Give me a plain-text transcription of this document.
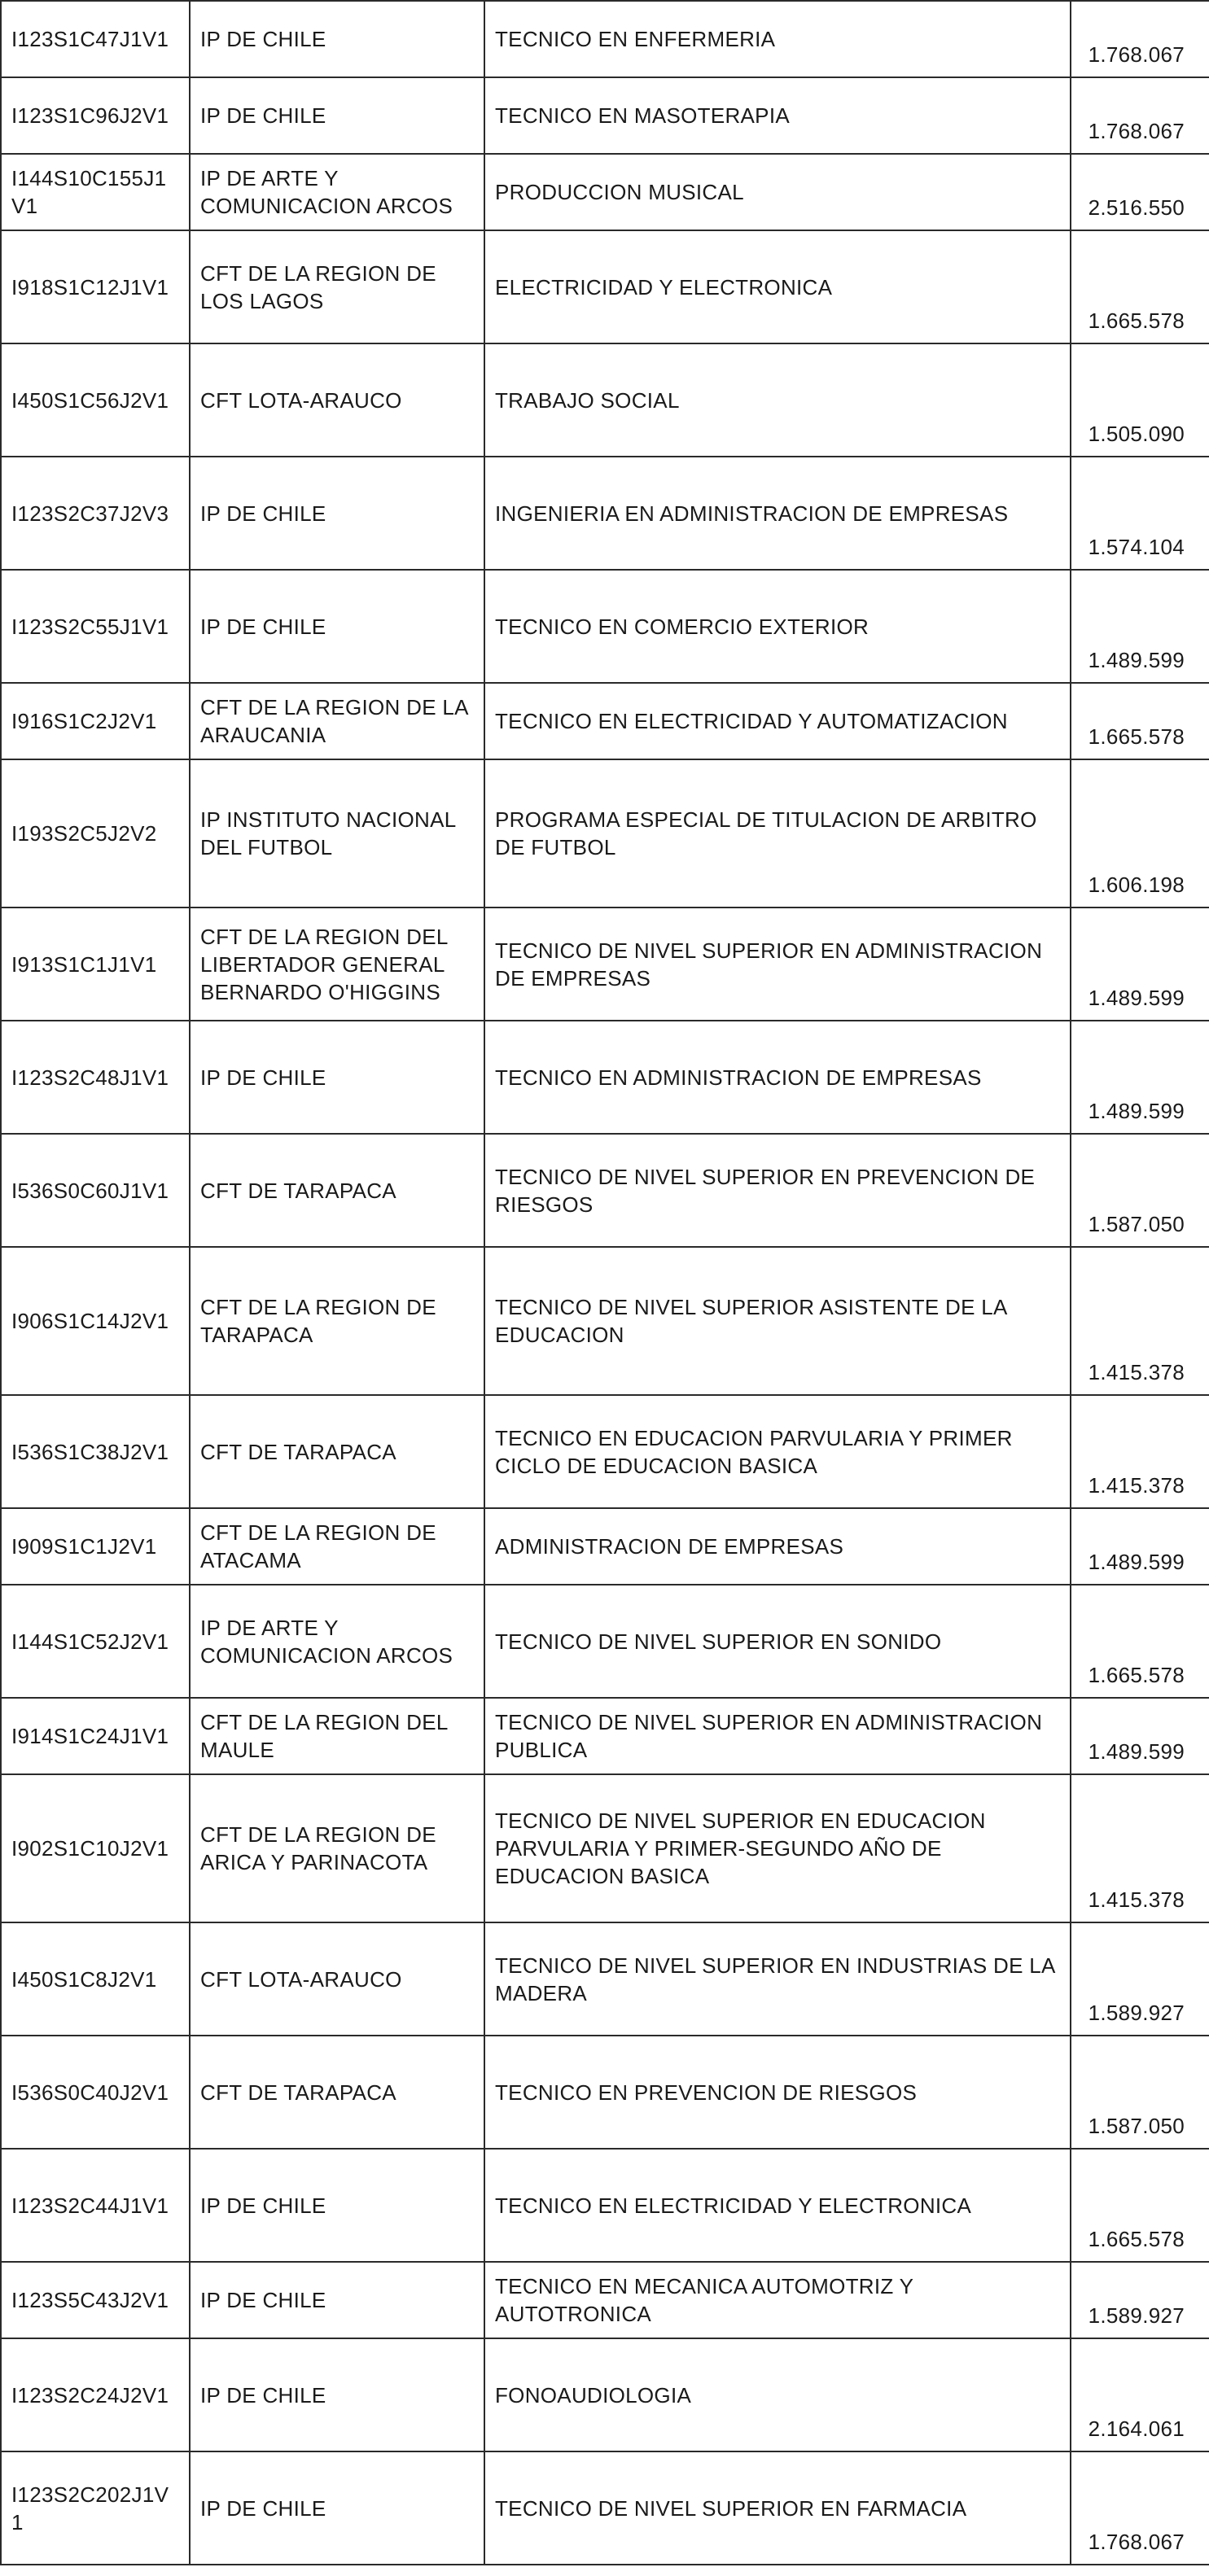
I123S1C47J1V1	IP DE CHILE	TECNICO EN ENFERMERIA	1.768.067
I123S1C96J2V1	IP DE CHILE	TECNICO EN MASOTERAPIA	1.768.067
I144S10C155J1V1	IP DE ARTE Y COMUNICACION ARCOS	PRODUCCION MUSICAL	2.516.550
I918S1C12J1V1	CFT DE LA REGION DE LOS LAGOS	ELECTRICIDAD Y ELECTRONICA	1.665.578
I450S1C56J2V1	CFT LOTA-ARAUCO	TRABAJO SOCIAL	1.505.090
I123S2C37J2V3	IP DE CHILE	INGENIERIA EN ADMINISTRACION DE EMPRESAS	1.574.104
I123S2C55J1V1	IP DE CHILE	TECNICO EN COMERCIO EXTERIOR	1.489.599
I916S1C2J2V1	CFT DE LA REGION DE LA ARAUCANIA	TECNICO EN ELECTRICIDAD Y AUTOMATIZACION	1.665.578
I193S2C5J2V2	IP INSTITUTO NACIONAL DEL FUTBOL	PROGRAMA ESPECIAL DE TITULACION DE ARBITRO DE FUTBOL	1.606.198
I913S1C1J1V1	CFT DE LA REGION DEL LIBERTADOR GENERAL BERNARDO O'HIGGINS	TECNICO DE NIVEL SUPERIOR EN ADMINISTRACION DE EMPRESAS	1.489.599
I123S2C48J1V1	IP DE CHILE	TECNICO EN ADMINISTRACION DE EMPRESAS	1.489.599
I536S0C60J1V1	CFT DE TARAPACA	TECNICO DE NIVEL SUPERIOR EN PREVENCION DE RIESGOS	1.587.050
I906S1C14J2V1	CFT DE LA REGION DE TARAPACA	TECNICO DE NIVEL SUPERIOR ASISTENTE DE LA EDUCACION	1.415.378
I536S1C38J2V1	CFT DE TARAPACA	TECNICO EN EDUCACION PARVULARIA Y PRIMER CICLO DE EDUCACION BASICA	1.415.378
I909S1C1J2V1	CFT DE LA REGION DE ATACAMA	ADMINISTRACION DE EMPRESAS	1.489.599
I144S1C52J2V1	IP DE ARTE Y COMUNICACION ARCOS	TECNICO DE NIVEL SUPERIOR EN SONIDO	1.665.578
I914S1C24J1V1	CFT DE LA REGION DEL MAULE	TECNICO DE NIVEL SUPERIOR EN ADMINISTRACION PUBLICA	1.489.599
I902S1C10J2V1	CFT DE LA REGION DE ARICA Y PARINACOTA	TECNICO DE NIVEL SUPERIOR EN EDUCACION PARVULARIA Y PRIMER-SEGUNDO AÑO DE EDUCACION BASICA	1.415.378
I450S1C8J2V1	CFT LOTA-ARAUCO	TECNICO DE NIVEL SUPERIOR EN INDUSTRIAS DE LA MADERA	1.589.927
I536S0C40J2V1	CFT DE TARAPACA	TECNICO EN PREVENCION DE RIESGOS	1.587.050
I123S2C44J1V1	IP DE CHILE	TECNICO EN ELECTRICIDAD Y ELECTRONICA	1.665.578
I123S5C43J2V1	IP DE CHILE	TECNICO EN MECANICA AUTOMOTRIZ Y AUTOTRONICA	1.589.927
I123S2C24J2V1	IP DE CHILE	FONOAUDIOLOGIA	2.164.061
I123S2C202J1V1	IP DE CHILE	TECNICO DE NIVEL SUPERIOR EN FARMACIA	1.768.067
